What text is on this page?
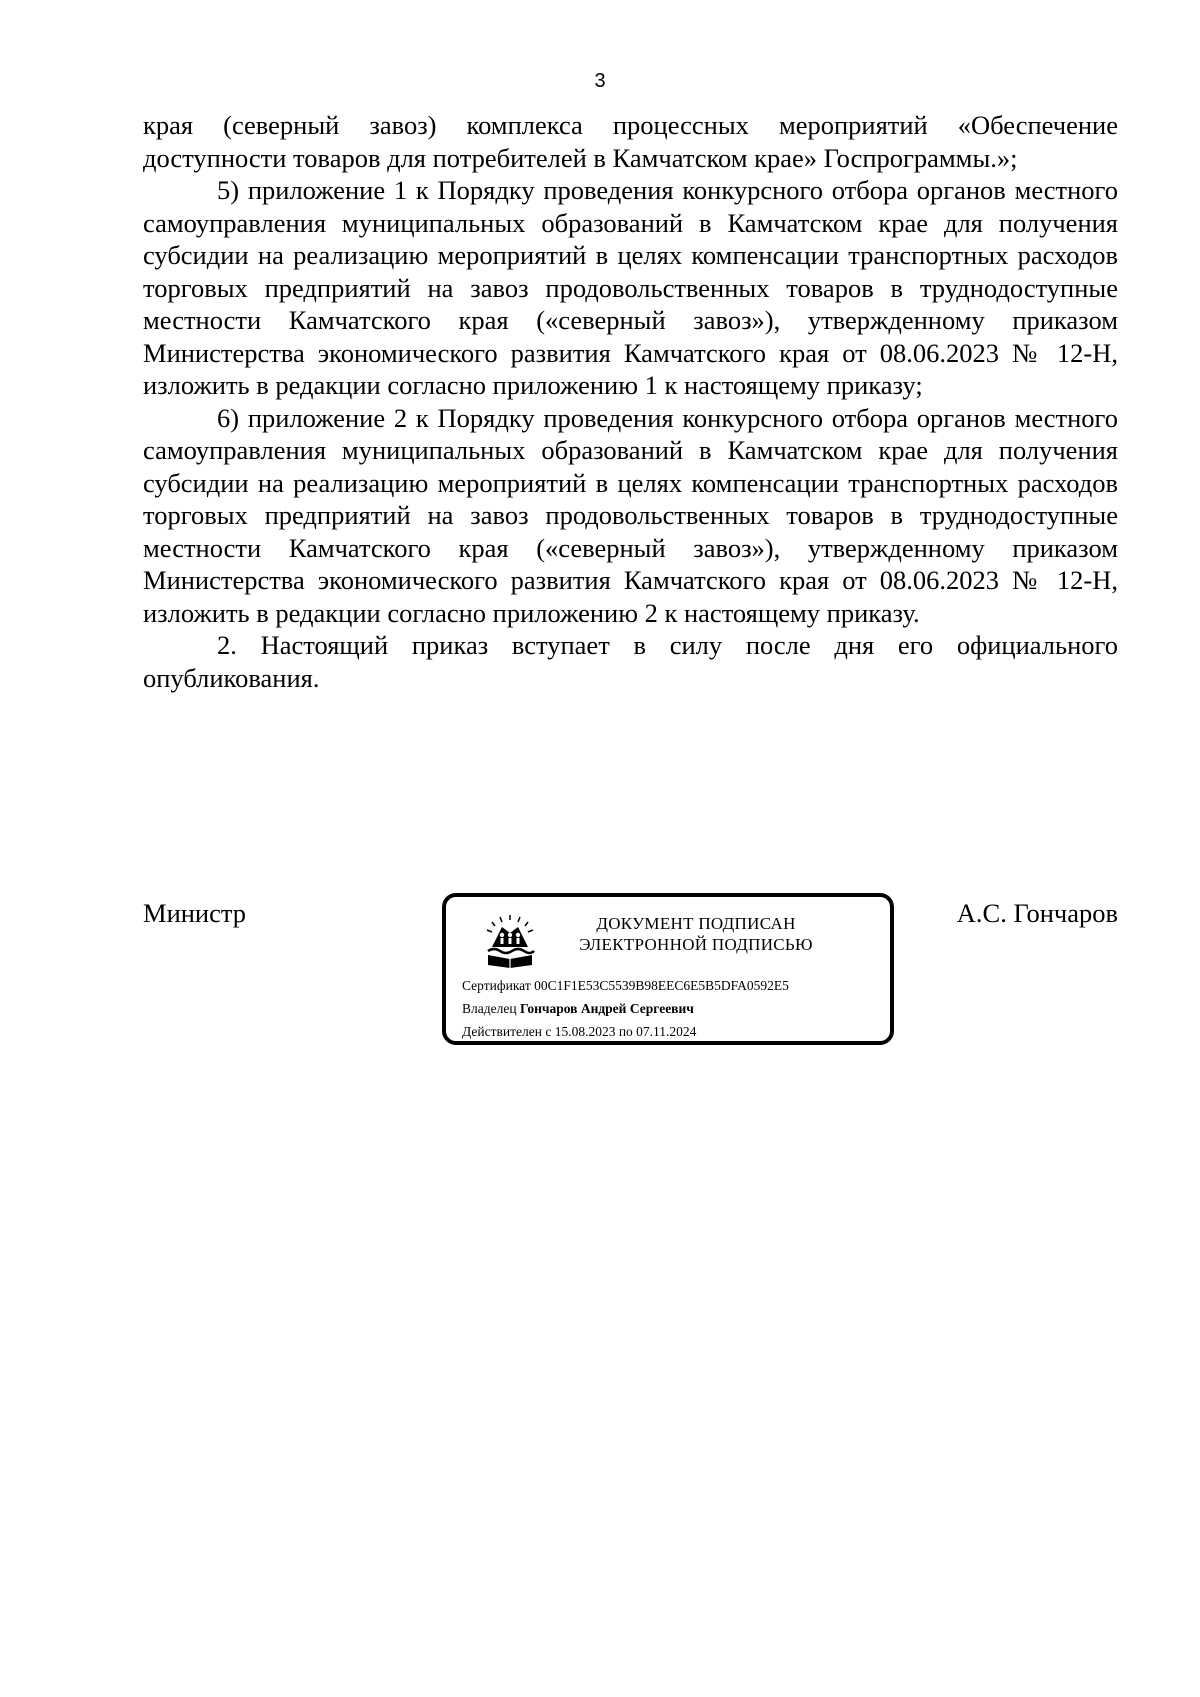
3

края (северный завоз) комплекса процессных мероприятий «Обеспечение доступности товаров для потребителей в Камчатском крае» Госпрограммы.»;

5) приложение 1 к Порядку проведения конкурсного отбора органов местного самоуправления муниципальных образований в Камчатском крае для получения субсидии на реализацию мероприятий в целях компенсации транспортных расходов торговых предприятий на завоз продовольственных товаров в труднодоступные местности Камчатского края («северный завоз»), утвержденному приказом Министерства экономического развития Камчатского края от 08.06.2023 № 12-Н, изложить в редакции согласно приложению 1 к настоящему приказу;

6) приложение 2 к Порядку проведения конкурсного отбора органов местного самоуправления муниципальных образований в Камчатском крае для получения субсидии на реализацию мероприятий в целях компенсации транспортных расходов торговых предприятий на завоз продовольственных товаров в труднодоступные местности Камчатского края («северный завоз»), утвержденному приказом Министерства экономического развития Камчатского края от 08.06.2023 № 12-Н, изложить в редакции согласно приложению 2 к настоящему приказу.

2. Настоящий приказ вступает в силу после дня его официального опубликования.

Министр	А.С. Гончаров
ДОКУМЕНТ ПОДПИСАН
ЭЛЕКТРОННОЙ ПОДПИСЬЮ
Сертификат 00C1F1E53C5539B98EEC6E5B5DFA0592E5
Владелец Гончаров Андрей Сергеевич
Действителен с 15.08.2023 по 07.11.2024
